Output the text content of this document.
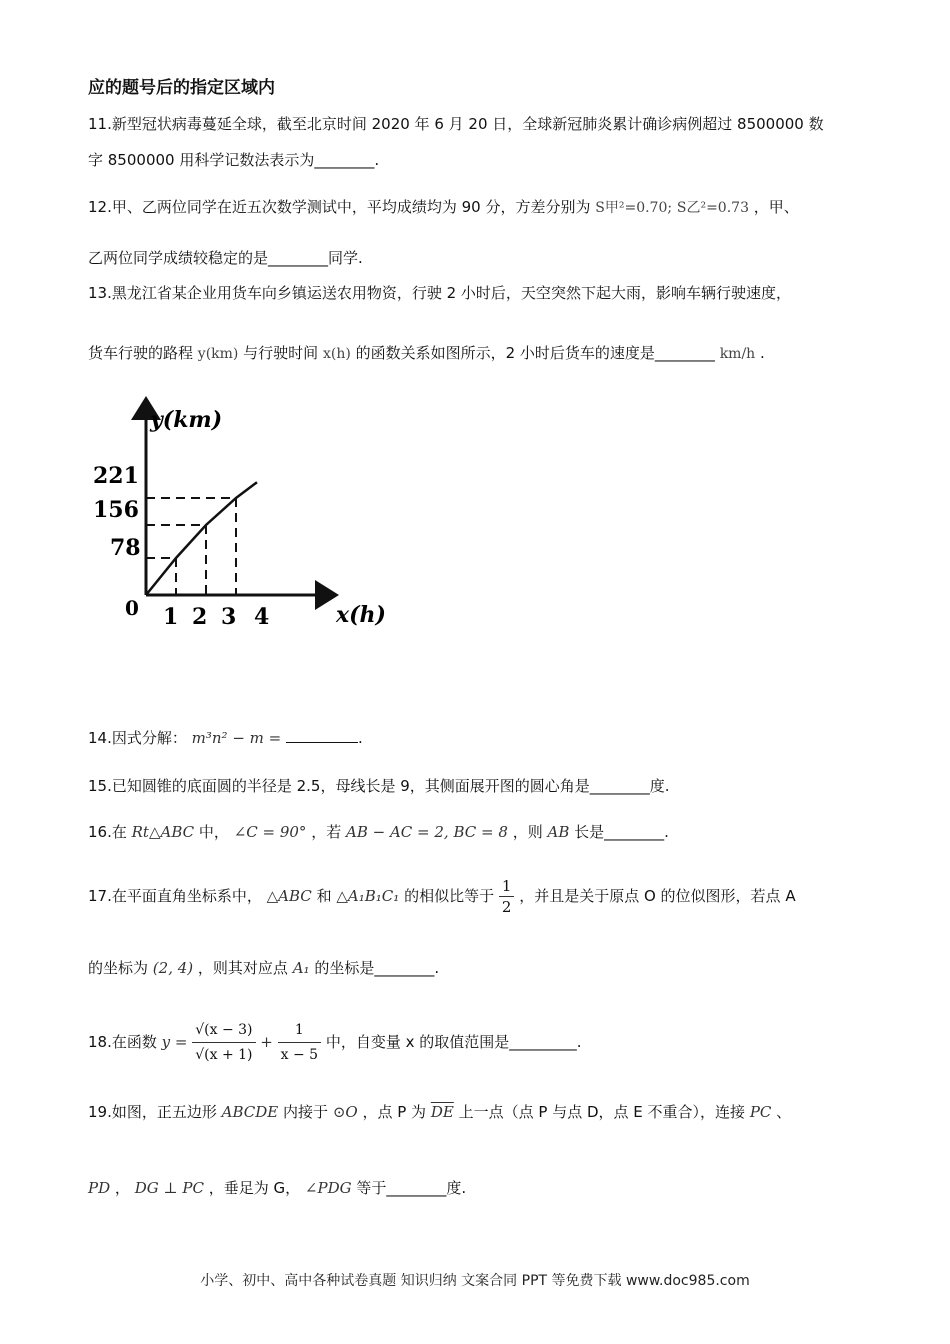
应的题号后的指定区域内
11.新型冠状病毒蔓延全球，截至北京时间 2020 年 6 月 20 日，全球新冠肺炎累计确诊病例超过 8500000 数
字 8500000 用科学记数法表示为________.
12.甲、乙两位同学在近五次数学测试中，平均成绩均为 90 分，方差分别为 S甲²=0.70; S乙²=0.73 ，甲、
乙两位同学成绩较稳定的是________同学.
13.黑龙江省某企业用货车向乡镇运送农用物资，行驶 2 小时后，天空突然下起大雨，影响车辆行驶速度，
货车行驶的路程 y(km) 与行驶时间 x(h) 的函数关系如图所示，2 小时后货车的速度是________ km/h .
y(km)
x(h)
0
221
156
78
1 2 3 4
14.因式分解： m³n² − m =	.
15.已知圆锥的底面圆的半径是 2.5，母线长是 9，其侧面展开图的圆心角是________度.
16.在 Rt△ABC 中， ∠C = 90° ，若 AB − AC = 2, BC = 8 ，则 AB 长是________.
17.在平面直角坐标系中， △ABC 和 △A₁B₁C₁ 的相似比等于 $\frac{1}{2}$ ，并且是关于原点 O 的位似图形，若点 A
的坐标为 (2, 4) ，则其对应点 A₁ 的坐标是________.
18.在函数 $y = \frac{√(x - 3)}{√(x + 1)} + \frac{1}{x - 5}$ 中，自变量 x 的取值范围是_________.
19.如图，正五边形 ABCDE 内接于 ⊙O ，点 P 为 $\overline{DE}$ 上一点（点 P 与点 D，点 E 不重合），连接 PC 、
PD ， DG ⊥ PC ，垂足为 G， ∠PDG 等于________度.
小学、初中、高中各种试卷真题 知识归纳 文案合同 PPT 等免费下载 www.doc985.com
